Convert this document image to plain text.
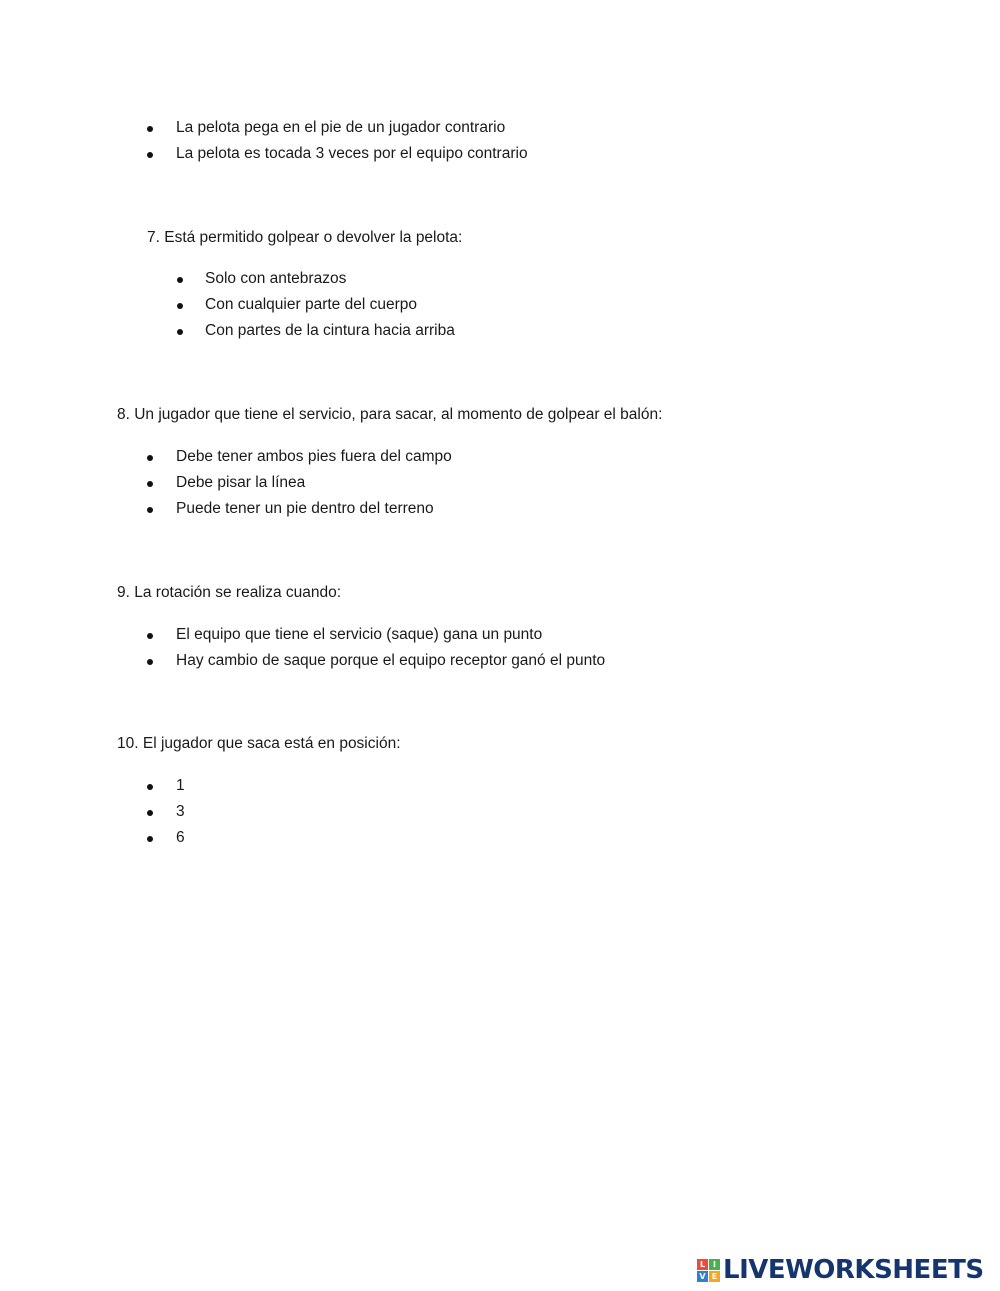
La pelota pega en el pie de un jugador contrario
La pelota es tocada 3 veces por el equipo contrario
7. Está permitido golpear o devolver la pelota:
Solo con antebrazos
Con cualquier parte del cuerpo
Con partes de la cintura hacia arriba
8. Un jugador que tiene el servicio, para sacar, al momento de golpear el balón:
Debe tener ambos pies fuera del campo
Debe pisar la línea
Puede tener un pie dentro del terreno
9. La rotación se realiza cuando:
El equipo que tiene el servicio (saque) gana un punto
Hay cambio de saque porque el equipo receptor ganó el punto
10. El jugador que saca está en posición:
1
3
6
L I
V E LIVEWORKSHEETS
